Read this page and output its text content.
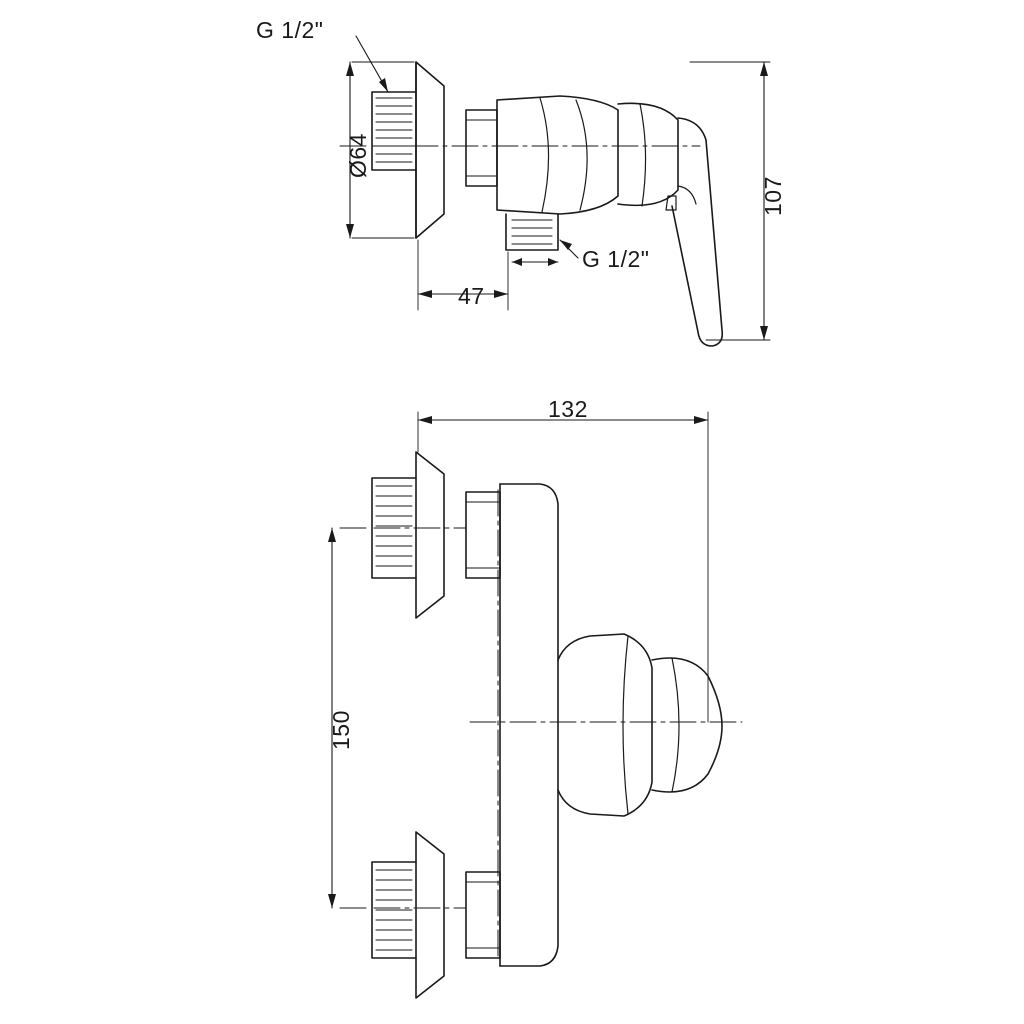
G 1/2"
Ø64
G 1/2"
47
107
132
150
